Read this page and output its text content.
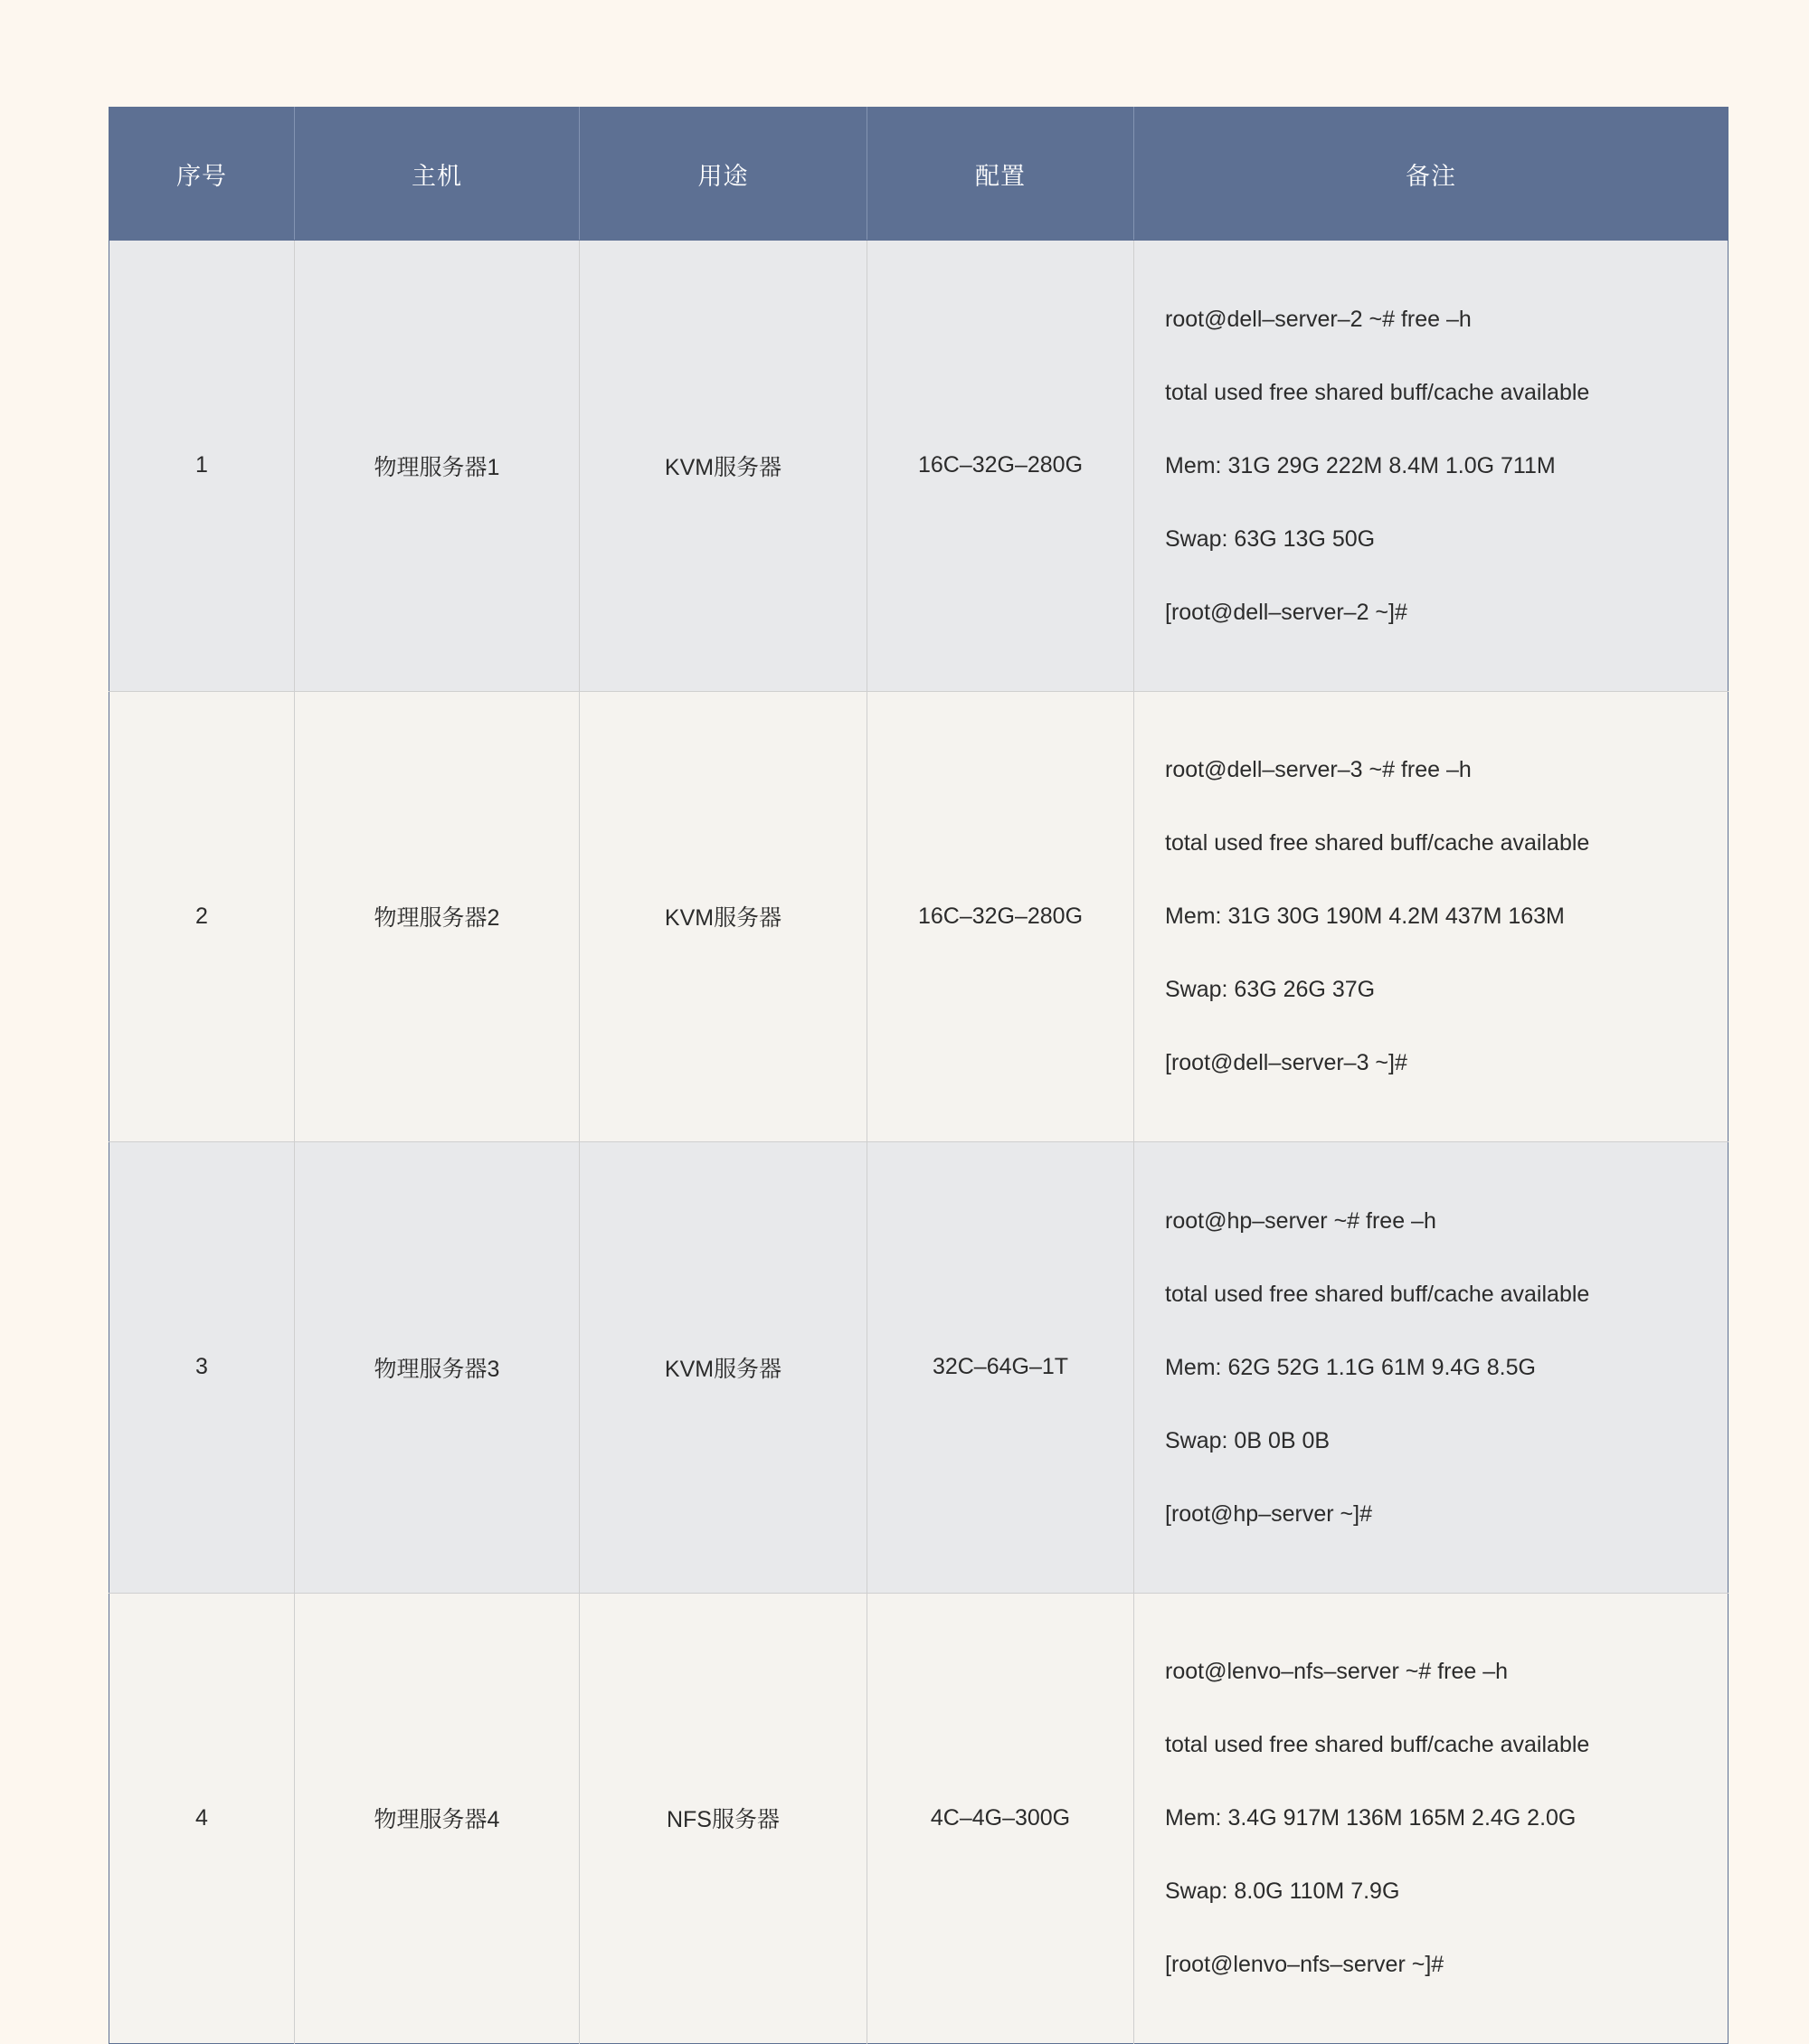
序号	主机	用途	配置	备注
1	物理服务器1	KVM服务器	16C–32G–280G	root@dell–server–2 ~# free –h

total used free shared buff/cache available

Mem: 31G 29G 222M 8.4M 1.0G 711M

Swap: 63G 13G 50G

[root@dell–server–2 ~]#

2	物理服务器2	KVM服务器	16C–32G–280G	root@dell–server–3 ~# free –h

total used free shared buff/cache available

Mem: 31G 30G 190M 4.2M 437M 163M

Swap: 63G 26G 37G

[root@dell–server–3 ~]#

3	物理服务器3	KVM服务器	32C–64G–1T	root@hp–server ~# free –h

total used free shared buff/cache available

Mem: 62G 52G 1.1G 61M 9.4G 8.5G

Swap: 0B 0B 0B

[root@hp–server ~]#

4	物理服务器4	NFS服务器	4C–4G–300G	root@lenvo–nfs–server ~# free –h

total used free shared buff/cache available

Mem: 3.4G 917M 136M 165M 2.4G 2.0G

Swap: 8.0G 110M 7.9G

[root@lenvo–nfs–server ~]#
